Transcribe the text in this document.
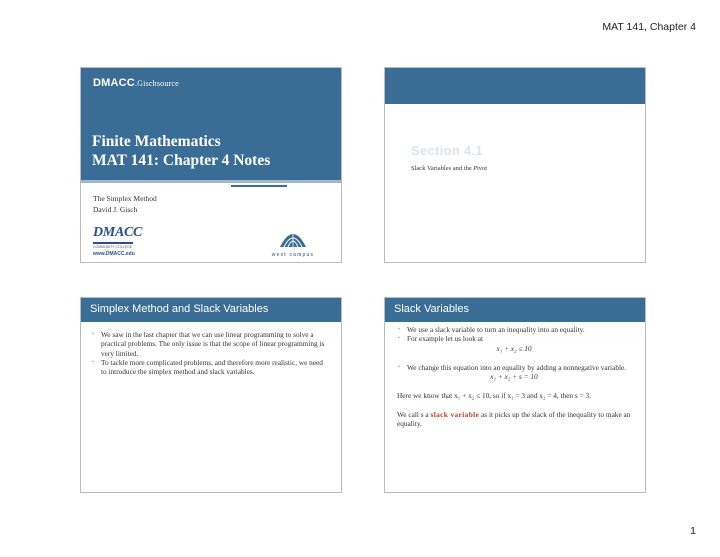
MAT 141, Chapter 4
DMACC.Gischsource
Finite Mathematics
MAT 141: Chapter 4 Notes
The Simplex Method
David J. Gisch
DMACC
COMMUNITY COLLEGE
www.DMACC.edu	west campus
Section 4.1
Slack Variables and the Pivot
Simplex Method and Slack Variables
▪ We saw in the last chapter that we can use linear programming to solve a practical problems. The only issue is that the scope of linear programming is very limited.
▪ To tackle more complicated problems, and therefore more realistic, we need to introduce the simplex method and slack variables.
Slack Variables
▪ We use a slack variable to turn an inequality into an equality.
▪ For example let us look at
x₁ + x₂ ≤ 10
▪ We change this equation into an equality by adding a nonnegative variable.
x₁ + x₂ + s = 10
Here we know that x₁ + x₂ ≤ 10, so if x₁ = 3 and x₂ = 4, then s = 3.
We call s a slack variable as it picks up the slack of the inequality to make an equality.
1
